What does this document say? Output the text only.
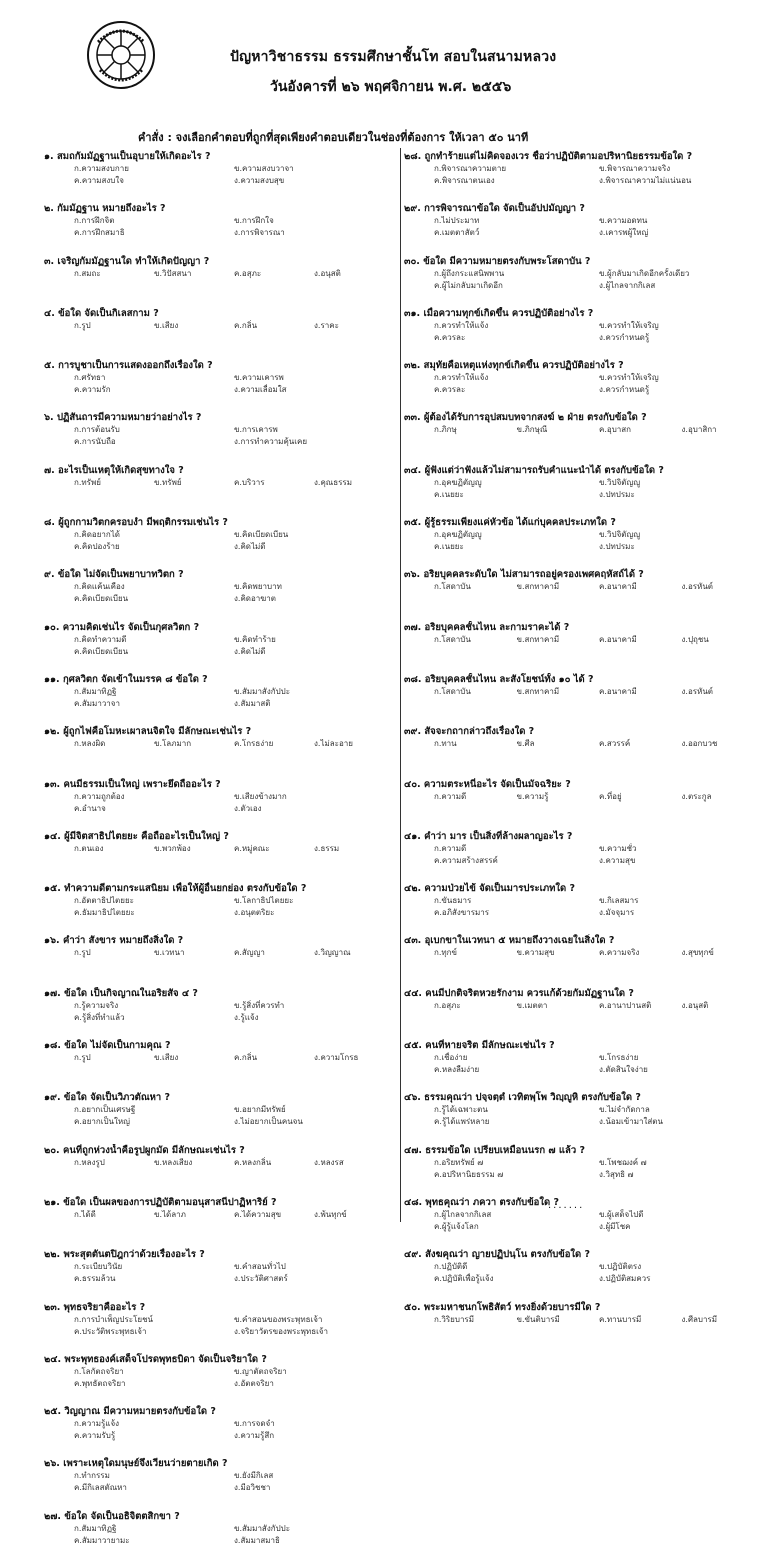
ปัญหาวิชาธรรม ธรรมศึกษาชั้นโท สอบในสนามหลวง
วันอังคารที่ ๒๖ พฤศจิกายน พ.ศ. ๒๕๕๖
คำสั่ง : จงเลือกคำตอบที่ถูกที่สุดเพียงคำตอบเดียวในช่องที่ต้องการ ให้เวลา ๕๐ นาที
๑. สมถกัมมัฏฐานเป็นอุบายให้เกิดอะไร ?
ก.ความสงบกาย	ข.ความสงบวาจา
ค.ความสงบใจ	ง.ความสงบสุข
๒. กัมมัฏฐาน หมายถึงอะไร ?
ก.การฝึกจิต	ข.การฝึกใจ
ค.การฝึกสมาธิ	ง.การพิจารณา
๓. เจริญกัมมัฏฐานใด ทำให้เกิดปัญญา ?
ก.สมถะ	ข.วิปัสสนา	ค.อสุภะ	ง.อนุสติ
๔. ข้อใด จัดเป็นกิเลสกาม ?
ก.รูป	ข.เสียง	ค.กลิ่น	ง.ราคะ
๕. การบูชาเป็นการแสดงออกถึงเรื่องใด ?
ก.ศรัทธา	ข.ความเคารพ
ค.ความรัก	ง.ความเลื่อมใส
๖. ปฏิสันถารมีความหมายว่าอย่างไร ?
ก.การต้อนรับ	ข.การเคารพ
ค.การนับถือ	ง.การทำความคุ้นเคย
๗. อะไรเป็นเหตุให้เกิดสุขทางใจ ?
ก.ทรัพย์	ข.ทรัพย์	ค.บริวาร	ง.คุณธรรม
๘. ผู้ถูกกามวิตกครอบงำ มีพฤติกรรมเช่นไร ?
ก.คิดอยากได้	ข.คิดเบียดเบียน
ค.คิดปองร้าย	ง.คิดไม่ดี
๙. ข้อใด ไม่จัดเป็นพยาบาทวิตก ?
ก.คิดแค้นเคือง	ข.คิดพยาบาท
ค.คิดเบียดเบียน	ง.คิดอาฆาต
๑๐. ความคิดเช่นไร จัดเป็นกุศลวิตก ?
ก.คิดทำความดี	ข.คิดทำร้าย
ค.คิดเบียดเบียน	ง.คิดไม่ดี
๑๑. กุศลวิตก จัดเข้าในมรรค ๘ ข้อใด ?
ก.สัมมาทิฏฐิ	ข.สัมมาสังกัปปะ
ค.สัมมาวาจา	ง.สัมมาสติ
๑๒. ผู้ถูกไฟคือโมหะเผาลนจิตใจ มีลักษณะเช่นไร ?
ก.หลงผิด	ข.โลภมาก	ค.โกรธง่าย	ง.ไม่ละอาย
๑๓. คนมีธรรมเป็นใหญ่ เพราะยึดถืออะไร ?
ก.ความถูกต้อง	ข.เสียงข้างมาก
ค.อำนาจ	ง.ตัวเอง
๑๔. ผู้มีจิตสาธิปไตยยะ คือถืออะไรเป็นใหญ่ ?
ก.ตนเอง	ข.พวกพ้อง	ค.หมู่คณะ	ง.ธรรม
๑๕. ทำความดีตามกระแสนิยม เพื่อให้ผู้อื่นยกย่อง ตรงกับข้อใด ?
ก.อัตตาธิปไตยยะ	ข.โลกาธิปไตยยะ
ค.ธัมมาธิปไตยยะ	ง.อนุตตริยะ
๑๖. คำว่า สังขาร หมายถึงสิ่งใด ?
ก.รูป	ข.เวทนา	ค.สัญญา	ง.วิญญาณ
๑๗. ข้อใด เป็นกิจญาณในอริยสัจ ๔ ?
ก.รู้ความจริง	ข.รู้สิ่งที่ควรทำ
ค.รู้สิ่งที่ทำแล้ว	ง.รู้แจ้ง
๑๘. ข้อใด ไม่จัดเป็นกามคุณ ?
ก.รูป	ข.เสียง	ค.กลิ่น	ง.ความโกรธ
๑๙. ข้อใด จัดเป็นวิภวตัณหา ?
ก.อยากเป็นเศรษฐี	ข.อยากมีทรัพย์
ค.อยากเป็นใหญ่	ง.ไม่อยากเป็นคนจน
๒๐. คนที่ถูกห่วงน้ำคือรูปผูกมัด มีลักษณะเช่นไร ?
ก.หลงรูป	ข.หลงเสียง	ค.หลงกลิ่น	ง.หลงรส
๒๑. ข้อใด เป็นผลของการปฏิบัติตามอนุสาสนีปาฏิหาริย์ ?
ก.ได้ดี	ข.ได้ลาภ	ค.ได้ความสุข	ง.พ้นทุกข์
๒๒. พระสุตตันตปิฎกว่าด้วยเรื่องอะไร ?
ก.ระเบียบวินัย	ข.คำสอนทั่วไป
ค.ธรรมล้วน	ง.ประวัติศาสตร์
๒๓. พุทธจริยาคืออะไร ?
ก.การบำเพ็ญประโยชน์	ข.คำสอนของพระพุทธเจ้า
ค.ประวัติพระพุทธเจ้า	ง.จริยาวัตรของพระพุทธเจ้า
๒๔. พระพุทธองค์เสด็จโปรดพุทธบิดา จัดเป็นจริยาใด ?
ก.โลกัตถจริยา	ข.ญาตัตถจริยา
ค.พุทธัตถจริยา	ง.อัตตจริยา
๒๕. วิญญาณ มีความหมายตรงกับข้อใด ?
ก.ความรู้แจ้ง	ข.การจดจำ
ค.ความรับรู้	ง.ความรู้สึก
๒๖. เพราะเหตุใดมนุษย์จึงเวียนว่ายตายเกิด ?
ก.ทำกรรม	ข.ยังมีกิเลส
ค.มีกิเลสตัณหา	ง.มีอวิชชา
๒๗. ข้อใด จัดเป็นอธิจิตตสิกขา ?
ก.สัมมาทิฏฐิ	ข.สัมมาสังกัปปะ
ค.สัมมาวายามะ	ง.สัมมาสมาธิ
๒๘. ถูกทำร้ายแต่ไม่คิดจองเวร ชื่อว่าปฏิบัติตามอปริหานิยธรรมข้อใด ?
ก.พิจารณาความตาย	ข.พิจารณาความจริง
ค.พิจารณาตนเอง	ง.พิจารณาความไม่แน่นอน
๒๙. การพิจารณาข้อใด จัดเป็นอัปปมัญญา ?
ก.ไม่ประมาท	ข.ความอดทน
ค.เมตตาสัตว์	ง.เคารพผู้ใหญ่
๓๐. ข้อใด มีความหมายตรงกับพระโสดาบัน ?
ก.ผู้ถึงกระแสนิพพาน	ข.ผู้กลับมาเกิดอีกครั้งเดียว
ค.ผู้ไม่กลับมาเกิดอีก	ง.ผู้ไกลจากกิเลส
๓๑. เมื่อความทุกข์เกิดขึ้น ควรปฏิบัติอย่างไร ?
ก.ควรทำให้แจ้ง	ข.ควรทำให้เจริญ
ค.ควรละ	ง.ควรกำหนดรู้
๓๒. สมุทัยคือเหตุแห่งทุกข์เกิดขึ้น ควรปฏิบัติอย่างไร ?
ก.ควรทำให้แจ้ง	ข.ควรทำให้เจริญ
ค.ควรละ	ง.ควรกำหนดรู้
๓๓. ผู้ต้องได้รับการอุปสมบทจากสงฆ์ ๒ ฝ่าย ตรงกับข้อใด ?
ก.ภิกษุ	ข.ภิกษุณี	ค.อุบาสก	ง.อุบาสิกา
๓๔. ผู้ฟังแต่ว่าฟังแล้วไม่สามารถรับคำแนะนำได้ ตรงกับข้อใด ?
ก.อุคฆฏิตัญญู	ข.วิปจิตัญญู
ค.เนยยะ	ง.ปทปรมะ
๓๕. ผู้รู้ธรรมเพียงแค่หัวข้อ ได้แก่บุคคลประเภทใด ?
ก.อุคฆฏิตัญญู	ข.วิปจิตัญญู
ค.เนยยะ	ง.ปทปรมะ
๓๖. อริยบุคคลระดับใด ไม่สามารถอยู่ครองเพศคฤหัสถ์ได้ ?
ก.โสดาบัน	ข.สกทาคามี	ค.อนาคามี	ง.อรหันต์
๓๗. อริยบุคคลชั้นไหน ละกามราคะได้ ?
ก.โสดาบัน	ข.สกทาคามี	ค.อนาคามี	ง.ปุถุชน
๓๘. อริยบุคคลชั้นไหน ละสังโยชน์ทั้ง ๑๐ ได้ ?
ก.โสดาบัน	ข.สกทาคามี	ค.อนาคามี	ง.อรหันต์
๓๙. สัจจะกถากล่าวถึงเรื่องใด ?
ก.ทาน	ข.ศีล	ค.สวรรค์	ง.ออกบวช
๔๐. ความตระหนี่อะไร จัดเป็นมัจฉริยะ ?
ก.ความดี	ข.ความรู้	ค.ที่อยู่	ง.ตระกูล
๔๑. คำว่า มาร เป็นสิ่งที่ล้างผลาญอะไร ?
ก.ความดี	ข.ความชั่ว
ค.ความสร้างสรรค์	ง.ความสุข
๔๒. ความป่วยไข้ จัดเป็นมารประเภทใด ?
ก.ขันธมาร	ข.กิเลสมาร
ค.อภิสังขารมาร	ง.มัจจุมาร
๔๓. อุเบกขาในเวทนา ๕ หมายถึงวางเฉยในสิ่งใด ?
ก.ทุกข์	ข.ความสุข	ค.ความจริง	ง.สุขทุกข์
๔๔. คนมีปกติจริตหวยรักงาม ควรแก้ด้วยกัมมัฏฐานใด ?
ก.อสุภะ	ข.เมตตา	ค.อานาปานสติ	ง.อนุสติ
๔๕. คนที่หายจริต มีลักษณะเช่นไร ?
ก.เชื่อง่าย	ข.โกรธง่าย
ค.หลงลืมง่าย	ง.ตัดสินใจง่าย
๔๖. ธรรมคุณว่า ปจฺจตฺตํ เวทิตพฺโพ วิญฺญูหิ ตรงกับข้อใด ?
ก.รู้ได้เฉพาะตน	ข.ไม่จำกัดกาล
ค.รู้ได้แพร่หลาย	ง.น้อมเข้ามาใส่ตน
๔๗. ธรรมข้อใด เปรียบเหมือนนรก ๗ แล้ว ?
ก.อริยทรัพย์ ๗	ข.โพชฌงค์ ๗
ค.อปริหานิยธรรม ๗	ง.วิสุทธิ ๗
๔๘. พุทธคุณว่า ภควา ตรงกับข้อใด ?
ก.ผู้ไกลจากกิเลส	ข.ผู้เสด็จไปดี
ค.ผู้รู้แจ้งโลก	ง.ผู้มีโชค
๔๙. สังฆคุณว่า ญายปฏิปนฺโน ตรงกับข้อใด ?
ก.ปฏิบัติดี	ข.ปฏิบัติตรง
ค.ปฏิบัติเพื่อรู้แจ้ง	ง.ปฏิบัติสมควร
๕๐. พระมหาชนกโพธิสัตว์ ทรงยิ่งด้วยบารมีใด ?
ก.วิริยบารมี	ข.ขันติบารมี	ค.ทานบารมี	ง.ศีลบารมี
·······
